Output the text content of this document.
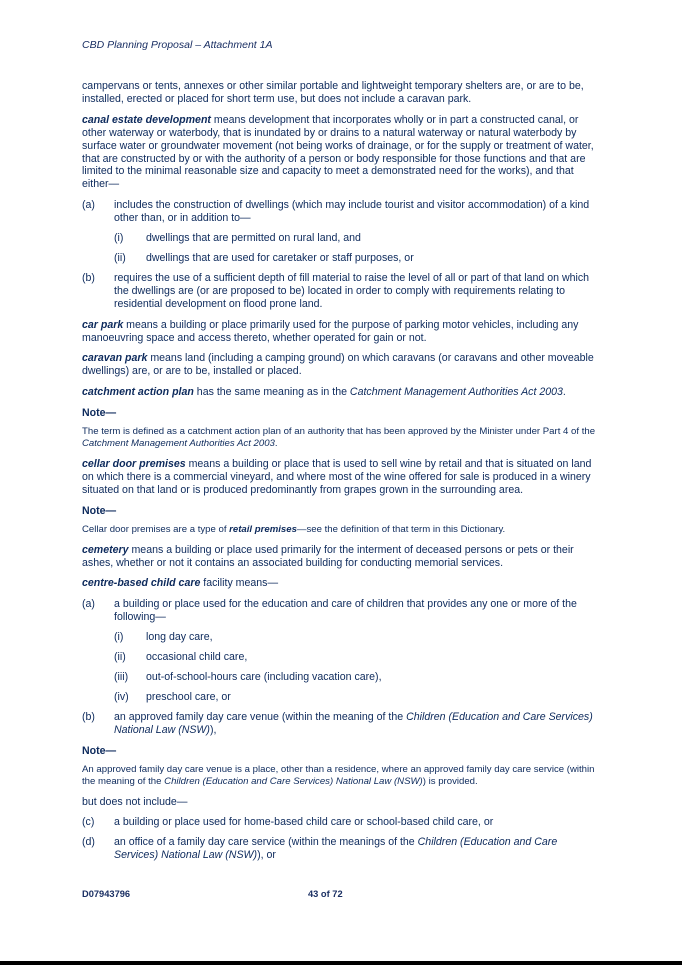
CBD Planning Proposal – Attachment 1A

campervans or tents, annexes or other similar portable and lightweight temporary shelters are, or are to be, installed, erected or placed for short term use, but does not include a caravan park.

canal estate development means development that incorporates wholly or in part a constructed canal, or other waterway or waterbody, that is inundated by or drains to a natural waterway or natural waterbody by surface water or groundwater movement (not being works of drainage, or for the supply or treatment of water, that are constructed by or with the authority of a person or body responsible for those functions and that are limited to the minimal reasonable size and capacity to meet a demonstrated need for the works), and that either—

(a)	includes the construction of dwellings (which may include tourist and visitor accommodation) of a kind other than, or in addition to—
(i)	dwellings that are permitted on rural land, and
(ii)	dwellings that are used for caretaker or staff purposes, or
(b)	requires the use of a sufficient depth of fill material to raise the level of all or part of that land on which the dwellings are (or are proposed to be) located in order to comply with requirements relating to residential development on flood prone land.

car park means a building or place primarily used for the purpose of parking motor vehicles, including any manoeuvring space and access thereto, whether operated for gain or not.

caravan park means land (including a camping ground) on which caravans (or caravans and other moveable dwellings) are, or are to be, installed or placed.

catchment action plan has the same meaning as in the Catchment Management Authorities Act 2003.

Note—

The term is defined as a catchment action plan of an authority that has been approved by the Minister under Part 4 of the Catchment Management Authorities Act 2003.

cellar door premises means a building or place that is used to sell wine by retail and that is situated on land on which there is a commercial vineyard, and where most of the wine offered for sale is produced in a winery situated on that land or is produced predominantly from grapes grown in the surrounding area.

Note—

Cellar door premises are a type of retail premises—see the definition of that term in this Dictionary.

cemetery means a building or place used primarily for the interment of deceased persons or pets or their ashes, whether or not it contains an associated building for conducting memorial services.

centre-based child care facility means—

(a)	a building or place used for the education and care of children that provides any one or more of the following—
(i)	long day care,
(ii)	occasional child care,
(iii)	out-of-school-hours care (including vacation care),
(iv)	preschool care, or
(b)	an approved family day care venue (within the meaning of the Children (Education and Care Services) National Law (NSW)),

Note—

An approved family day care venue is a place, other than a residence, where an approved family day care service (within the meaning of the Children (Education and Care Services) National Law (NSW)) is provided.

but does not include—

(c)	a building or place used for home-based child care or school-based child care, or
(d)	an office of a family day care service (within the meanings of the Children (Education and Care Services) National Law (NSW)), or
D07943796	43 of 72
